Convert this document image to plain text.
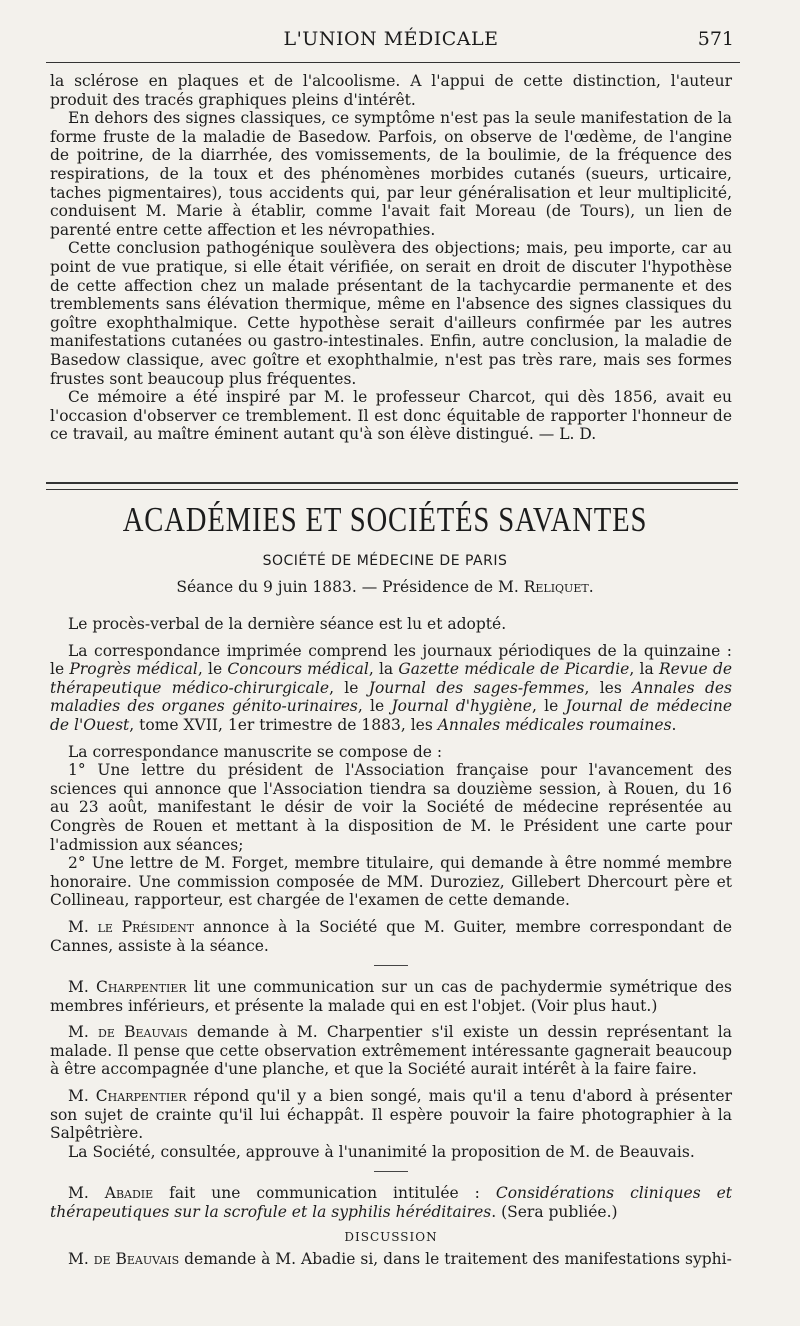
L'UNION MÉDICALE	571

la sclérose en plaques et de l'alcoolisme. A l'appui de cette distinction, l'auteur produit des tracés graphiques pleins d'intérêt.

En dehors des signes classiques, ce symptôme n'est pas la seule manifestation de la forme fruste de la maladie de Basedow. Parfois, on observe de l'œdème, de l'angine de poitrine, de la diarrhée, des vomissements, de la boulimie, de la fréquence des respirations, de la toux et des phénomènes morbides cutanés (sueurs, urticaire, taches pigmentaires), tous accidents qui, par leur généralisation et leur multiplicité, conduisent M. Marie à établir, comme l'avait fait Moreau (de Tours), un lien de parenté entre cette affection et les névropathies.

Cette conclusion pathogénique soulèvera des objections; mais, peu importe, car au point de vue pratique, si elle était vérifiée, on serait en droit de discuter l'hypothèse de cette affection chez un malade présentant de la tachycardie permanente et des tremblements sans élévation thermique, même en l'absence des signes classiques du goître exophthalmique. Cette hypothèse serait d'ailleurs confirmée par les autres manifestations cutanées ou gastro-intestinales. Enfin, autre conclusion, la maladie de Basedow classique, avec goître et exophthalmie, n'est pas très rare, mais ses formes frustes sont beaucoup plus fréquentes.

Ce mémoire a été inspiré par M. le professeur Charcot, qui dès 1856, avait eu l'occasion d'observer ce tremblement. Il est donc équitable de rapporter l'honneur de ce travail, au maître éminent autant qu'à son élève distingué. — L. D.

ACADÉMIES ET SOCIÉTÉS SAVANTES
SOCIÉTÉ DE MÉDECINE DE PARIS
Séance du 9 juin 1883. — Présidence de M. Reliquet.

Le procès-verbal de la dernière séance est lu et adopté.

La correspondance imprimée comprend les journaux périodiques de la quinzaine : le Progrès médical, le Concours médical, la Gazette médicale de Picardie, la Revue de thérapeutique médico-chirurgicale, le Journal des sages-femmes, les Annales des maladies des organes génito-urinaires, le Journal d'hygiène, le Journal de médecine de l'Ouest, tome XVII, 1er trimestre de 1883, les Annales médicales roumaines.

La correspondance manuscrite se compose de :

1° Une lettre du président de l'Association française pour l'avancement des sciences qui annonce que l'Association tiendra sa douzième session, à Rouen, du 16 au 23 août, manifestant le désir de voir la Société de médecine représentée au Congrès de Rouen et mettant à la disposition de M. le Président une carte pour l'admission aux séances;

2° Une lettre de M. Forget, membre titulaire, qui demande à être nommé membre honoraire. Une commission composée de MM. Duroziez, Gillebert Dhercourt père et Collineau, rapporteur, est chargée de l'examen de cette demande.

M. le Président annonce à la Société que M. Guiter, membre correspondant de Cannes, assiste à la séance.

M. Charpentier lit une communication sur un cas de pachydermie symétrique des membres inférieurs, et présente la malade qui en est l'objet. (Voir plus haut.)

M. de Beauvais demande à M. Charpentier s'il existe un dessin représentant la malade. Il pense que cette observation extrêmement intéressante gagnerait beaucoup à être accompagnée d'une planche, et que la Société aurait intérêt à la faire faire.

M. Charpentier répond qu'il y a bien songé, mais qu'il a tenu d'abord à présenter son sujet de crainte qu'il lui échappât. Il espère pouvoir la faire photographier à la Salpêtrière.

La Société, consultée, approuve à l'unanimité la proposition de M. de Beauvais.

M. Abadie fait une communication intitulée : Considérations cliniques et thérapeutiques sur la scrofule et la syphilis héréditaires. (Sera publiée.)

DISCUSSION

M. de Beauvais demande à M. Abadie si, dans le traitement des manifestations syphi-
